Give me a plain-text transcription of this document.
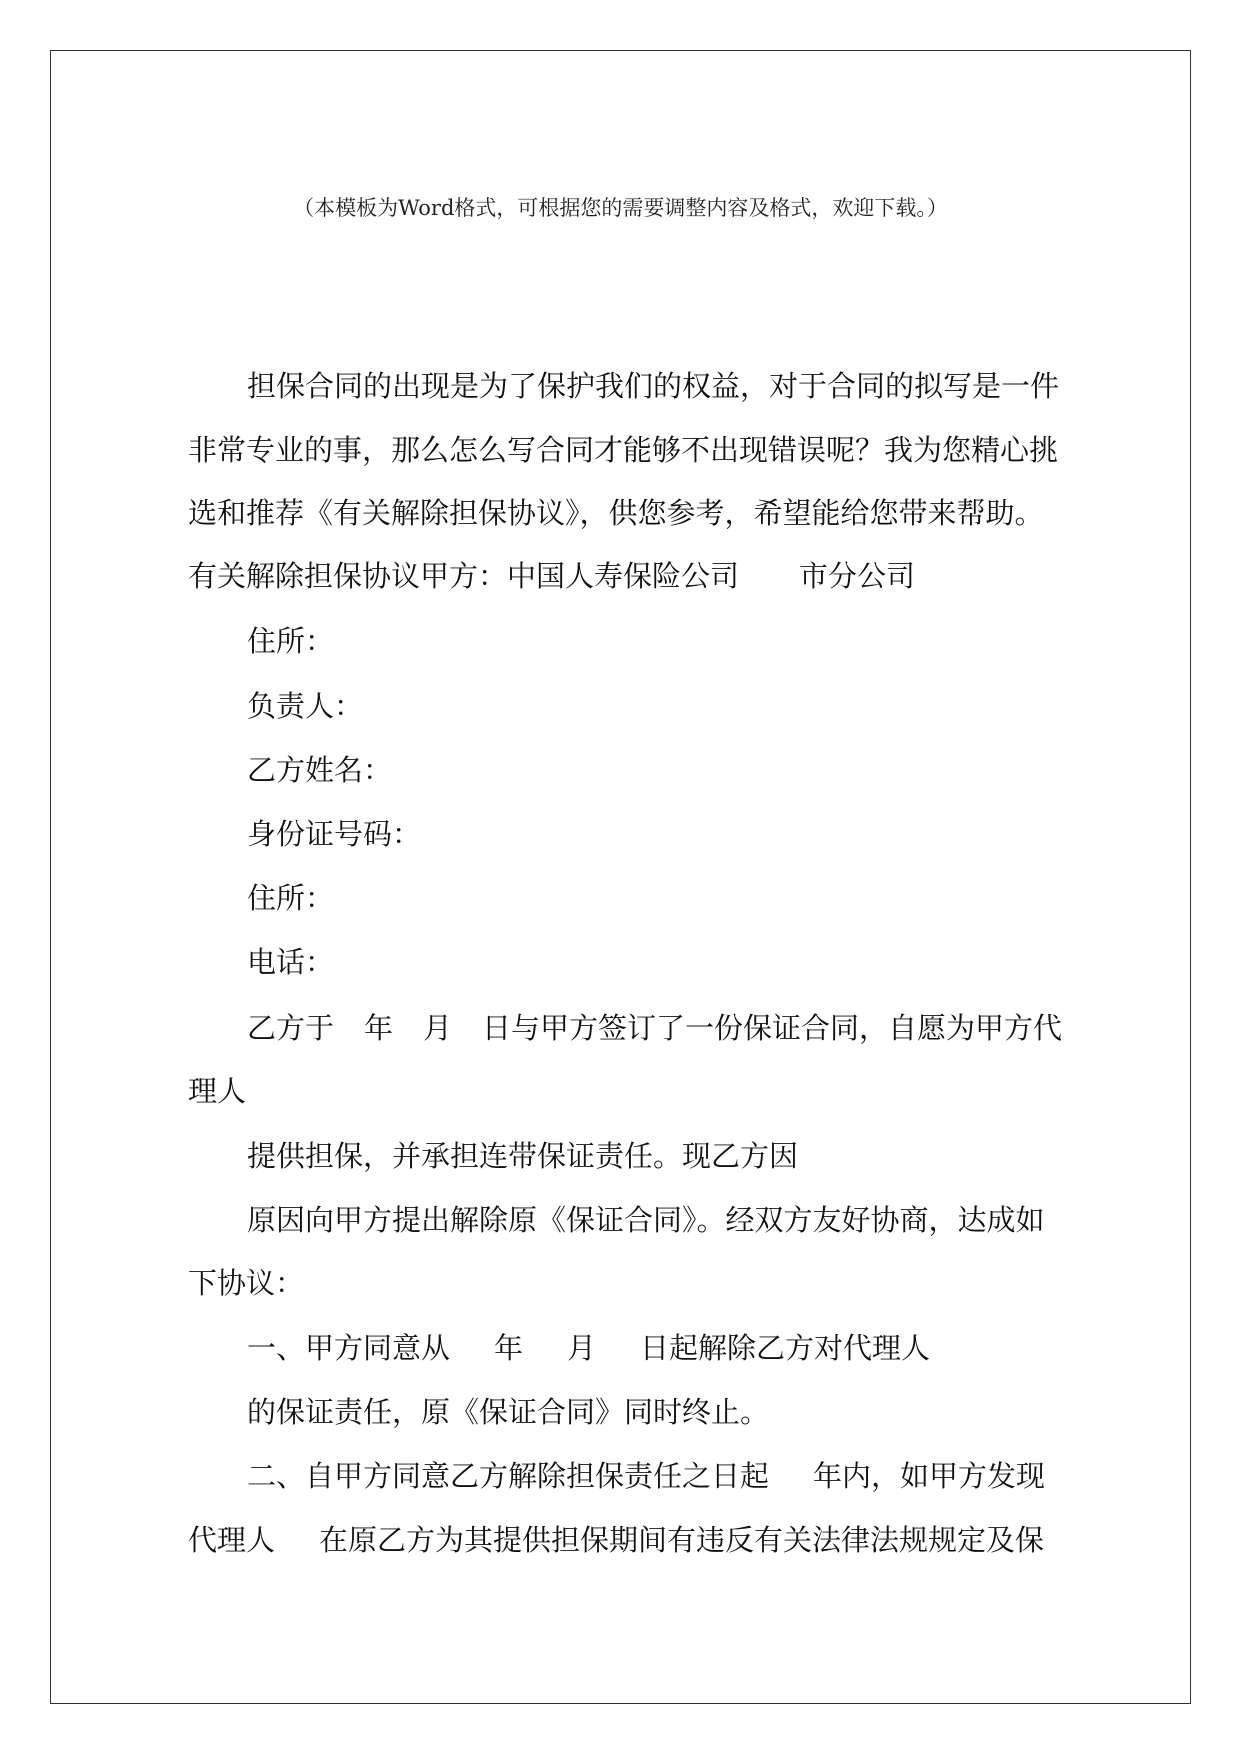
（本模板为Word格式，可根据您的需要调整内容及格式，欢迎下载。）
担保合同的出现是为了保护我们的权益，对于合同的拟写是一件
非常专业的事，那么怎么写合同才能够不出现错误呢？我为您精心挑
选和推荐《有关解除担保协议》，供您参考，希望能给您带来帮助。
有关解除担保协议甲方：中国人寿保险公司 市分公司
住所：
负责人：
乙方姓名：
身份证号码：
住所：
电话：
乙方于 年 月 日与甲方签订了一份保证合同，自愿为甲方代
理人
提供担保，并承担连带保证责任。现乙方因
原因向甲方提出解除原《保证合同》。经双方友好协商，达成如
下协议：
一、甲方同意从 年 月 日起解除乙方对代理人
的保证责任，原《保证合同》同时终止。
二、自甲方同意乙方解除担保责任之日起 年内，如甲方发现
代理人 在原乙方为其提供担保期间有违反有关法律法规规定及保
